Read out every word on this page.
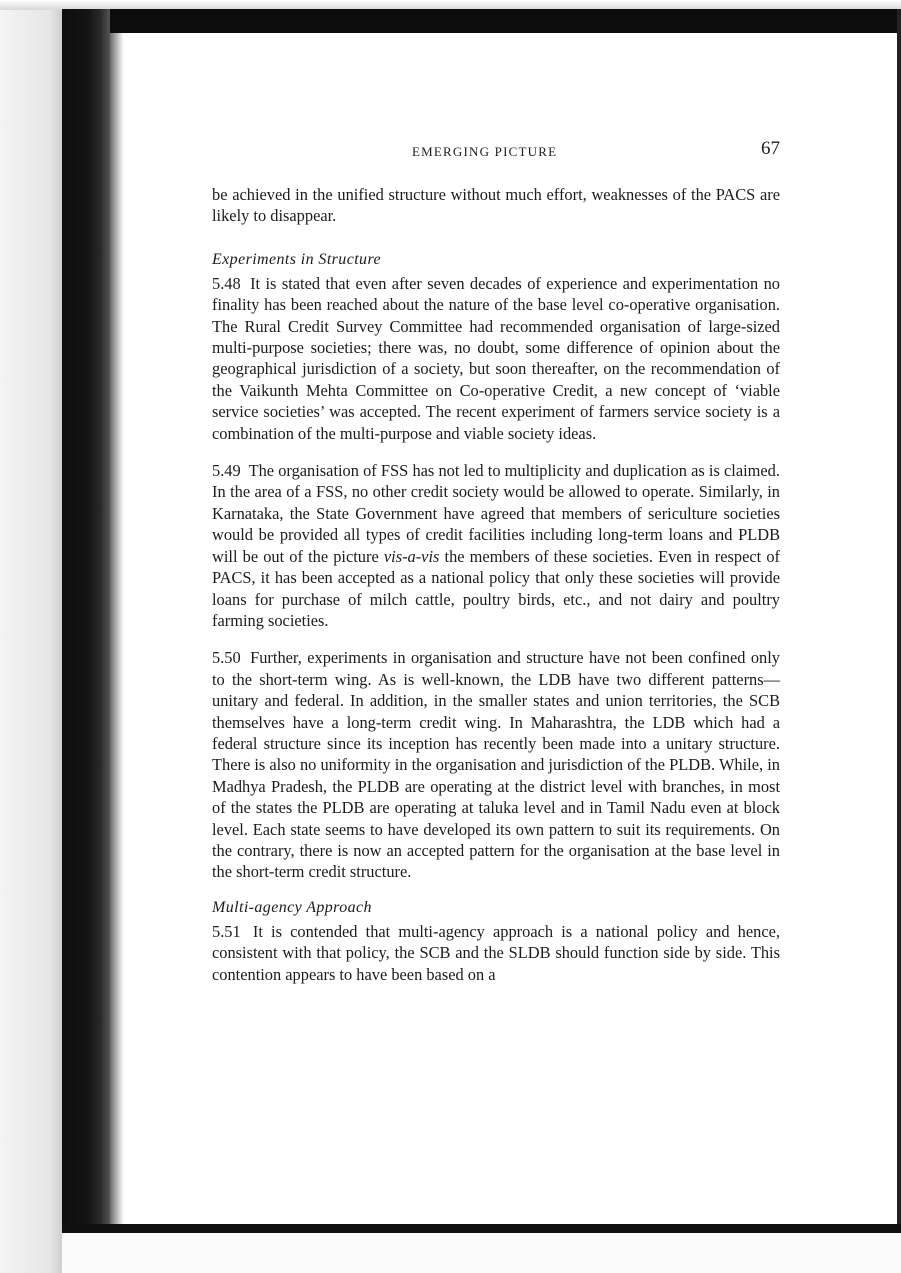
EMERGING PICTURE	67

be achieved in the unified structure without much effort, weaknesses of the PACS are likely to disappear.

Experiments in Structure

5.48 It is stated that even after seven decades of experience and experimentation no finality has been reached about the nature of the base level co-operative organisation. The Rural Credit Survey Committee had recommended organisation of large-sized multi-purpose societies; there was, no doubt, some difference of opinion about the geographical jurisdiction of a society, but soon thereafter, on the recommendation of the Vaikunth Mehta Committee on Co-operative Credit, a new concept of ‘viable service societies’ was accepted. The recent experiment of farmers service society is a combination of the multi-purpose and viable society ideas.

5.49 The organisation of FSS has not led to multiplicity and duplication as is claimed. In the area of a FSS, no other credit society would be allowed to operate. Similarly, in Karnataka, the State Government have agreed that members of sericulture societies would be provided all types of credit facilities including long-term loans and PLDB will be out of the picture vis-a-vis the members of these societies. Even in respect of PACS, it has been accepted as a national policy that only these societies will provide loans for purchase of milch cattle, poultry birds, etc., and not dairy and poultry farming societies.

5.50 Further, experiments in organisation and structure have not been confined only to the short-term wing. As is well-known, the LDB have two different patterns—unitary and federal. In addition, in the smaller states and union territories, the SCB themselves have a long-term credit wing. In Maharashtra, the LDB which had a federal structure since its inception has recently been made into a unitary structure. There is also no uniformity in the organisation and jurisdiction of the PLDB. While, in Madhya Pradesh, the PLDB are operating at the district level with branches, in most of the states the PLDB are operating at taluka level and in Tamil Nadu even at block level. Each state seems to have developed its own pattern to suit its requirements. On the contrary, there is now an accepted pattern for the organisation at the base level in the short-term credit structure.

Multi-agency Approach

5.51 It is contended that multi-agency approach is a national policy and hence, consistent with that policy, the SCB and the SLDB should function side by side. This contention appears to have been based on a
